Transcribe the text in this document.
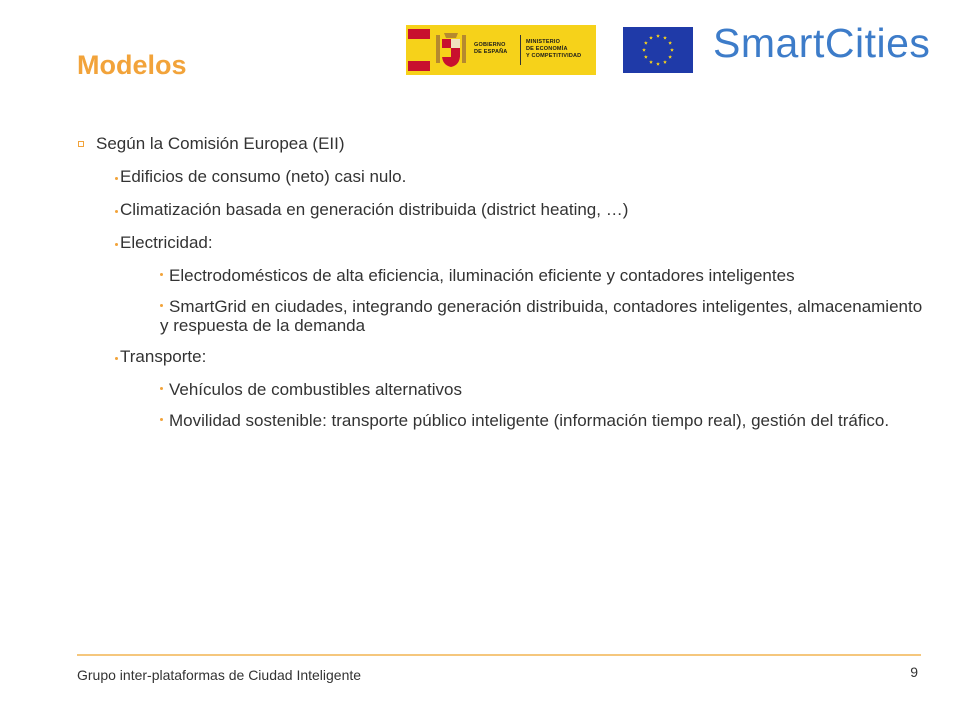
Modelos
GOBIERNO
DE ESPAÑA
MINISTERIO
DE ECONOMÍA
Y COMPETITIVIDAD	SmartCities
Según la Comisión Europea (EII)
Edificios de consumo (neto) casi nulo.
Climatización basada en generación distribuida (district heating, …)
Electricidad:
Electrodomésticos de alta eficiencia, iluminación eficiente y contadores inteligentes
SmartGrid en ciudades, integrando generación distribuida, contadores inteligentes, almacenamiento y respuesta de la demanda
Transporte:
Vehículos de combustibles alternativos
Movilidad sostenible: transporte público inteligente (información tiempo real), gestión del tráfico.
Grupo inter-plataformas de Ciudad Inteligente	9
